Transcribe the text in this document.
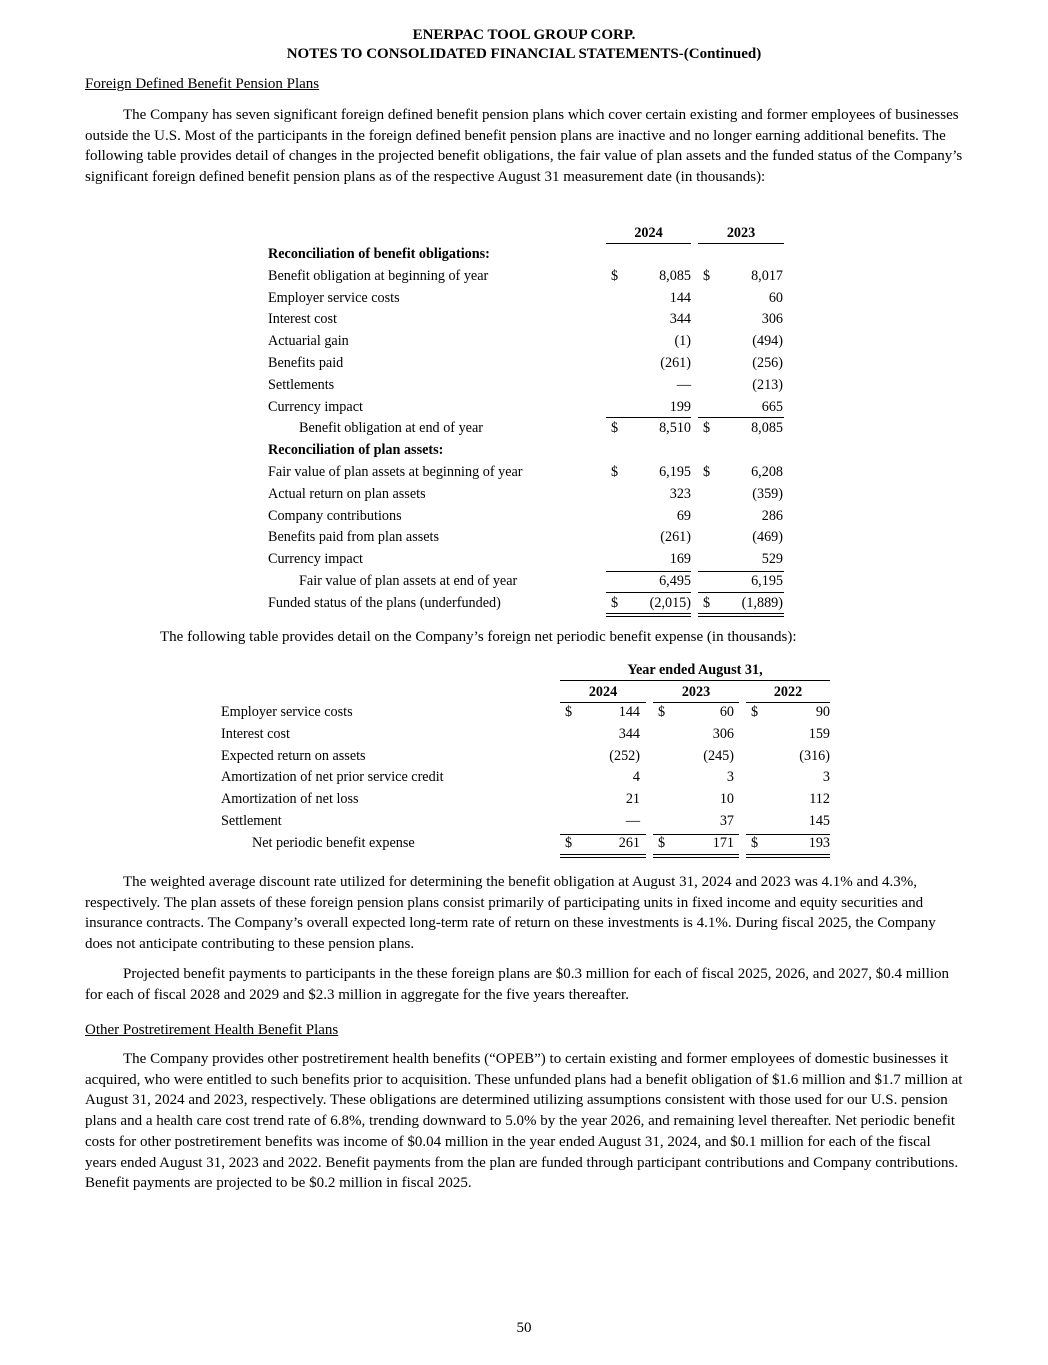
ENERPAC TOOL GROUP CORP.
NOTES TO CONSOLIDATED FINANCIAL STATEMENTS-(Continued)
Foreign Defined Benefit Pension Plans

The Company has seven significant foreign defined benefit pension plans which cover certain existing and former employees of businesses outside the U.S. Most of the participants in the foreign defined benefit pension plans are inactive and no longer earning additional benefits. The following table provides detail of changes in the projected benefit obligations, the fair value of plan assets and the funded status of the Company’s significant foreign defined benefit pension plans as of the respective August 31 measurement date (in thousands):

2024	2023
Reconciliation of benefit obligations:
Benefit obligation at beginning of year	$	8,085 $	8,017
Employer service costs	144	60
Interest cost	344	306
Actuarial gain	(1)	(494)
Benefits paid	(261)	(256)
Settlements	—	(213)
Currency impact	199	665
Benefit obligation at end of year	$	8,510 $	8,085
Reconciliation of plan assets:
Fair value of plan assets at beginning of year	$	6,195 $	6,208
Actual return on plan assets	323	(359)
Company contributions	69	286
Benefits paid from plan assets	(261)	(469)
Currency impact	169	529
Fair value of plan assets at end of year	6,495	6,195
Funded status of the plans (underfunded)	$	(2,015) $	(1,889)
The following table provides detail on the Company’s foreign net periodic benefit expense (in thousands):
Year ended August 31,
2024	2023	2022
Employer service costs	$	144 $	60 $	90
Interest cost	344	306	159
Expected return on assets	(252)	(245)	(316)
Amortization of net prior service credit	4	3	3
Amortization of net loss	21	10	112
Settlement	—	37	145
Net periodic benefit expense	$	261 $	171 $	193

The weighted average discount rate utilized for determining the benefit obligation at August 31, 2024 and 2023 was 4.1% and 4.3%, respectively. The plan assets of these foreign pension plans consist primarily of participating units in fixed income and equity securities and insurance contracts. The Company’s overall expected long-term rate of return on these investments is 4.1%. During fiscal 2025, the Company does not anticipate contributing to these pension plans.

Projected benefit payments to participants in the these foreign plans are $0.3 million for each of fiscal 2025, 2026, and 2027, $0.4 million for each of fiscal 2028 and 2029 and $2.3 million in aggregate for the five years thereafter.

Other Postretirement Health Benefit Plans

The Company provides other postretirement health benefits (“OPEB”) to certain existing and former employees of domestic businesses it acquired, who were entitled to such benefits prior to acquisition. These unfunded plans had a benefit obligation of $1.6 million and $1.7 million at August 31, 2024 and 2023, respectively. These obligations are determined utilizing assumptions consistent with those used for our U.S. pension plans and a health care cost trend rate of 6.8%, trending downward to 5.0% by the year 2026, and remaining level thereafter. Net periodic benefit costs for other postretirement benefits was income of $0.04 million in the year ended August 31, 2024, and $0.1 million for each of the fiscal years ended August 31, 2023 and 2022. Benefit payments from the plan are funded through participant contributions and Company contributions. Benefit payments are projected to be $0.2 million in fiscal 2025.

50
